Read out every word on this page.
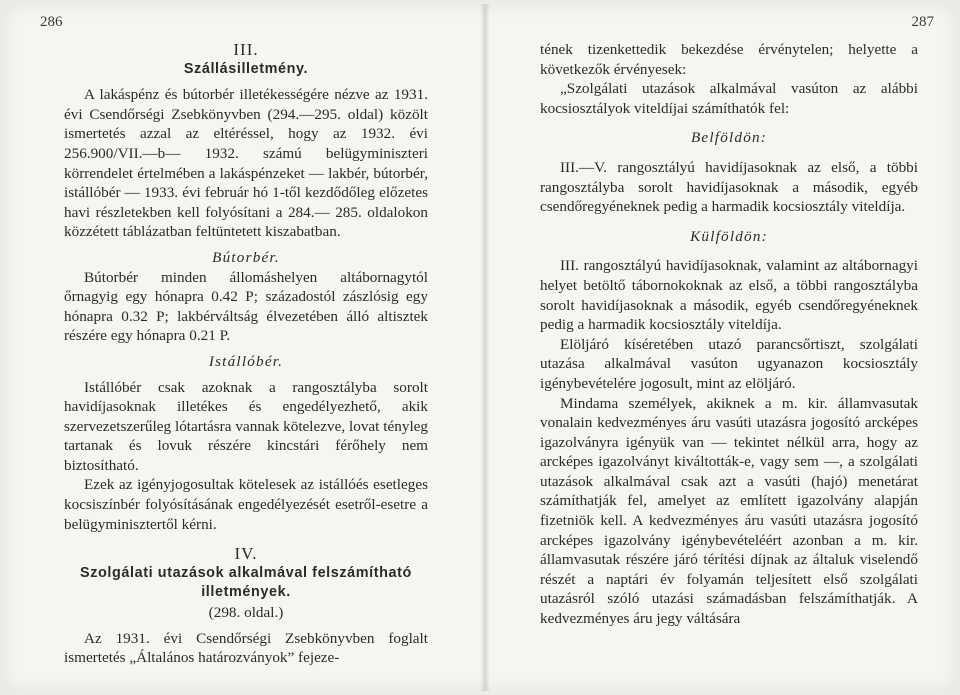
286
III.
Szállásilletmény.

A lakáspénz és bútorbér illetékességére nézve az 1931. évi Csendőrségi Zsebkönyvben (294.—295. oldal) közölt ismertetés azzal az eltéréssel, hogy az 1932. évi 256.900/VII.—b— 1932. számú belügyminiszteri körrendelet értelmében a lakáspénzeket — lakbér, bútorbér, istállóbér — 1933. évi február hó 1-től kezdődőleg előzetes havi részletekben kell folyósítani a 284.— 285. oldalokon közzétett táblázatban feltüntetett kiszabatban.

Bútorbér.

Bútorbér minden állomáshelyen altábornagytól őrnagyig egy hónapra 0.42 P; századostól zászlósig egy hónapra 0.32 P; lakbérváltság élvezetében álló altisztek részére egy hónapra 0.21 P.

Istállóbér.

Istállóbér csak azoknak a rangosztályba sorolt havidíjasoknak illetékes és engedélyezhető, akik szervezetszerűleg lótartásra vannak kötelezve, lovat tényleg tartanak és lovuk részére kincstári férőhely nem biztosítható.

Ezek az igényjogosultak kötelesek az istállóés esetleges kocsiszínbér folyósításának engedélyezését esetről-esetre a belügyminisztertől kérni.

IV.
Szolgálati utazások alkalmával felszámítható illetmények.
(298. oldal.)

Az 1931. évi Csendőrségi Zsebkönyvben foglalt ismertetés „Általános határozványok” fejeze-

287

tének tizenkettedik bekezdése érvénytelen; helyette a következők érvényesek:

„Szolgálati utazások alkalmával vasúton az alábbi kocsiosztályok viteldíjai számíthatók fel:

Belföldön:

III.—V. rangosztályú havidíjasoknak az első, a többi rangosztályba sorolt havidíjasoknak a második, egyéb csendőregyéneknek pedig a harmadik kocsiosztály viteldíja.

Külföldön:

III. rangosztályú havidíjasoknak, valamint az altábornagyi helyet betöltő tábornokoknak az első, a többi rangosztályba sorolt havidíjasoknak a második, egyéb csendőregyéneknek pedig a harmadik kocsiosztály viteldíja.

Elöljáró kíséretében utazó parancsőrtiszt, szolgálati utazása alkalmával vasúton ugyanazon kocsiosztály igénybevételére jogosult, mint az elöljáró.

Mindama személyek, akiknek a m. kir. államvasutak vonalain kedvezményes áru vasúti utazásra jogosító arcképes igazolványra igényük van — tekintet nélkül arra, hogy az arcképes igazolványt kiváltották-e, vagy sem —, a szolgálati utazások alkalmával csak azt a vasúti (hajó) menetárat számíthatják fel, amelyet az említett igazolvány alapján fizetniök kell. A kedvezményes áru vasúti utazásra jogosító arcképes igazolvány igénybevételéért azonban a m. kir. államvasutak részére járó térítési díjnak az általuk viselendő részét a naptári év folyamán teljesített első szolgálati utazásról szóló utazási számadásban felszámíthatják. A kedvezményes áru jegy váltására
